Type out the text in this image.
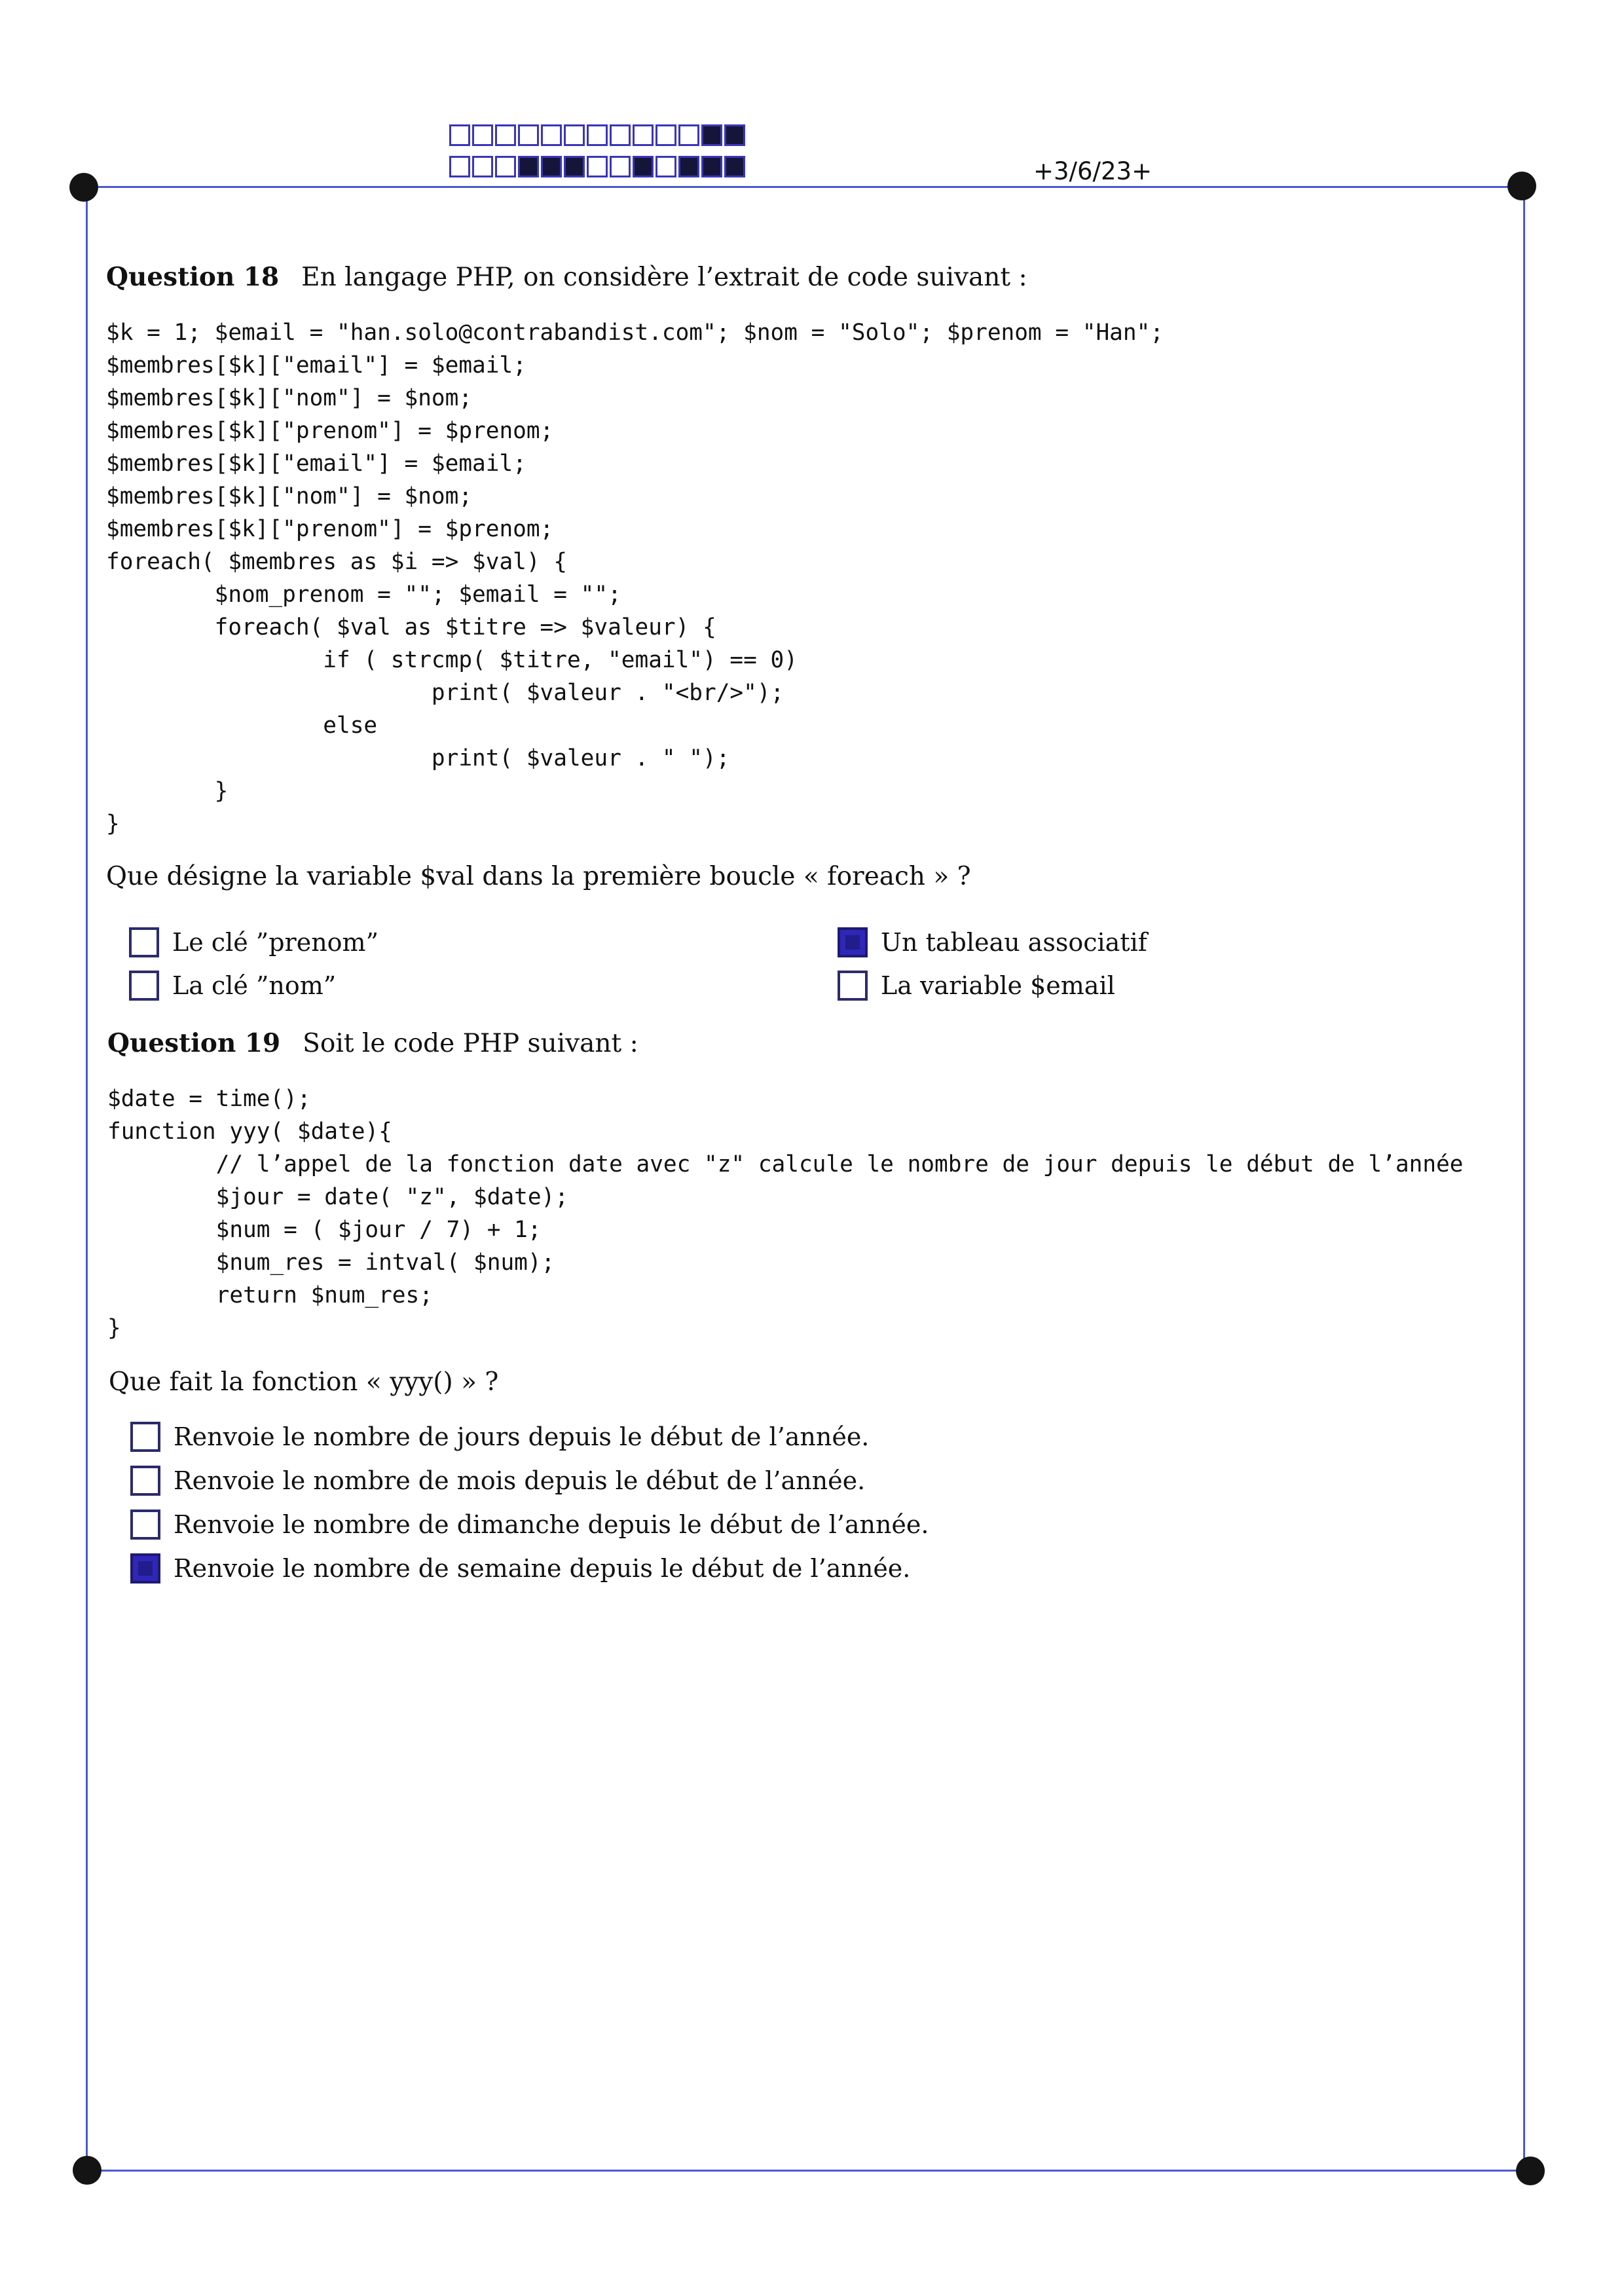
+3/6/23+
Question 18 En langage PHP, on considère l’extrait de code suivant :
$k = 1; $email = "han.solo@contrabandist.com"; $nom = "Solo"; $prenom = "Han";
$membres[$k]["email"] = $email;
$membres[$k]["nom"] = $nom;
$membres[$k]["prenom"] = $prenom;
$membres[$k]["email"] = $email;
$membres[$k]["nom"] = $nom;
$membres[$k]["prenom"] = $prenom;
foreach( $membres as $i => $val) {
$nom_prenom = ""; $email = "";
foreach( $val as $titre => $valeur) {
if ( strcmp( $titre, "email") == 0)
print( $valeur . "<br/>");
else
print( $valeur . " ");
}
}
Que désigne la variable $val dans la première boucle « foreach » ?
Le clé ”prenom”
La clé ”nom”
Un tableau associatif
La variable $email
Question 19 Soit le code PHP suivant :
$date = time();
function yyy( $date){
// l’appel de la fonction date avec "z" calcule le nombre de jour depuis le début de l’année
$jour = date( "z", $date);
$num = ( $jour / 7) + 1;
$num_res = intval( $num);
return $num_res;
}
Que fait la fonction « yyy() » ?
Renvoie le nombre de jours depuis le début de l’année.
Renvoie le nombre de mois depuis le début de l’année.
Renvoie le nombre de dimanche depuis le début de l’année.
Renvoie le nombre de semaine depuis le début de l’année.
